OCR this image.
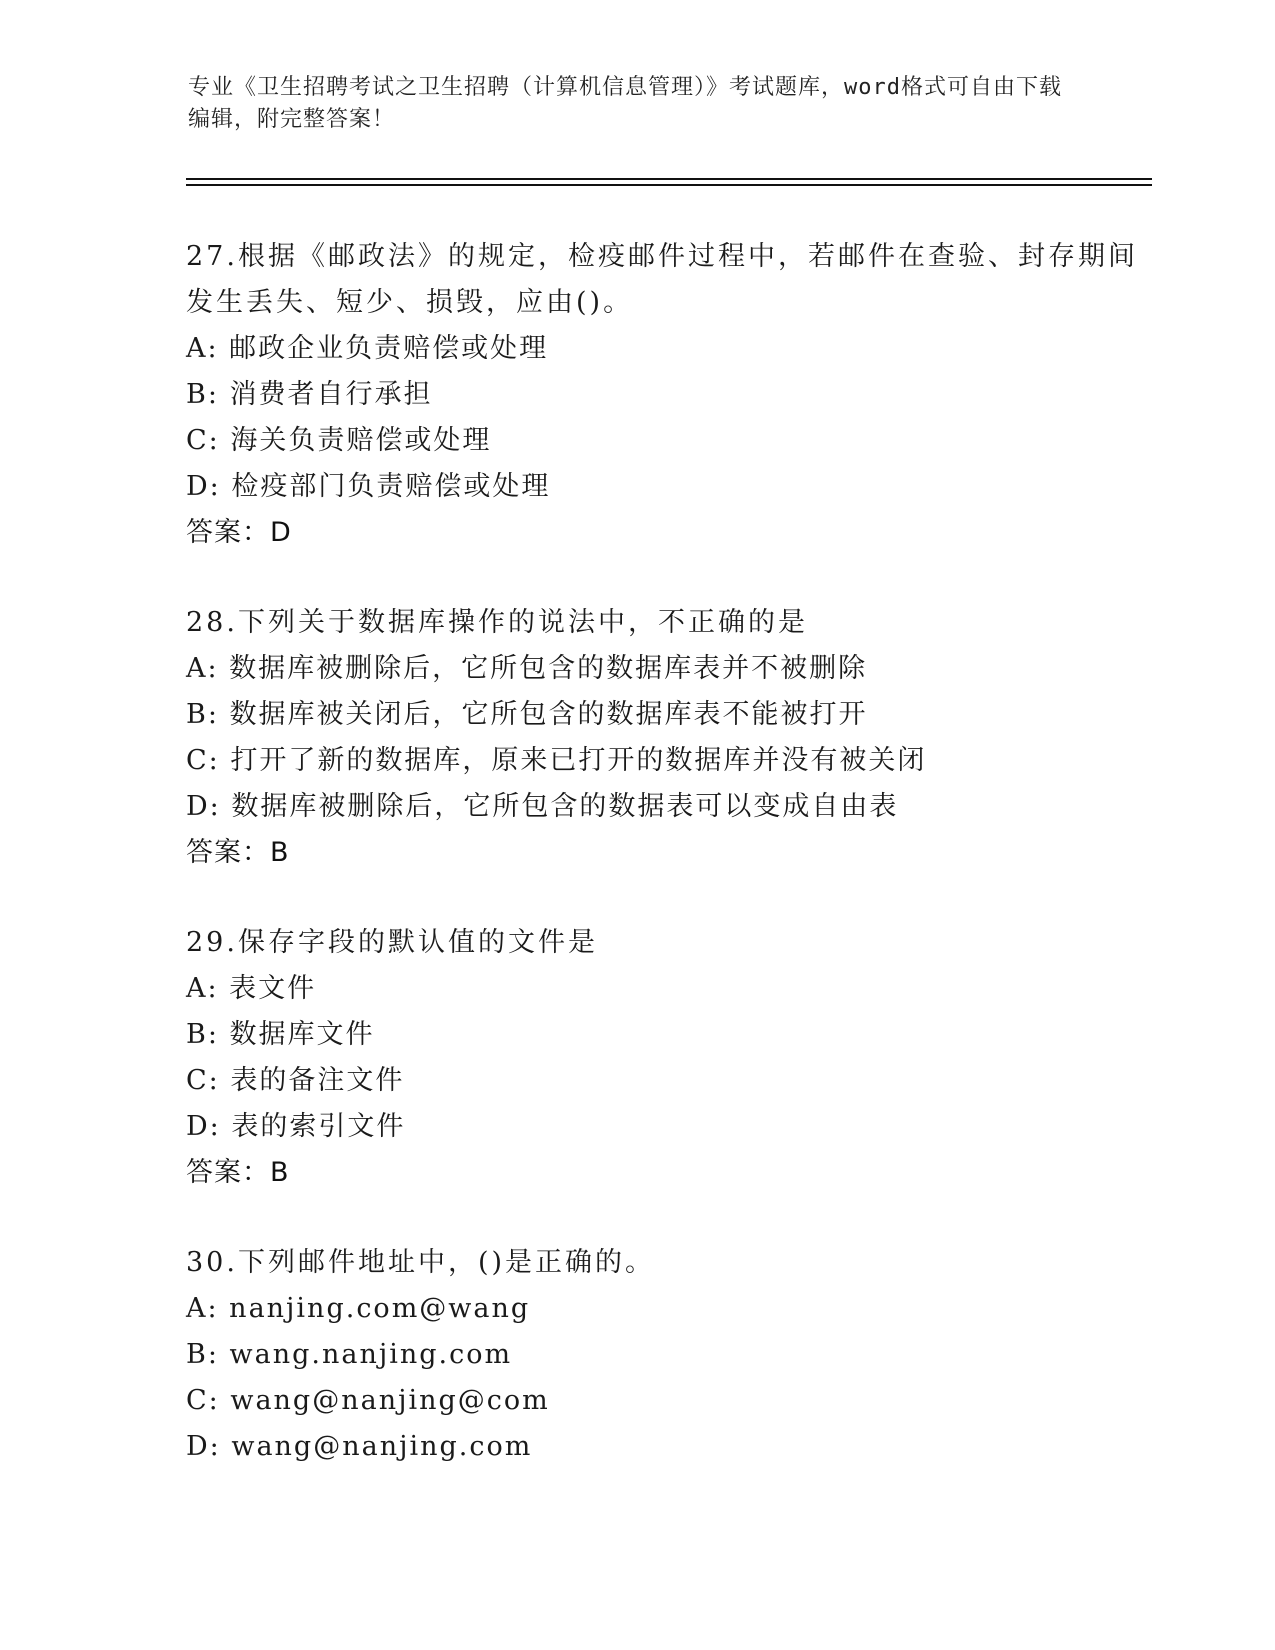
专业《卫生招聘考试之卫生招聘（计算机信息管理）》考试题库，word格式可自由下载编辑，附完整答案！

27.根据《邮政法》的规定，检疫邮件过程中，若邮件在查验、封存期间发生丢失、短少、损毁，应由()。

A: 邮政企业负责赔偿或处理

B: 消费者自行承担

C: 海关负责赔偿或处理

D: 检疫部门负责赔偿或处理

答案：D

28.下列关于数据库操作的说法中，不正确的是

A: 数据库被删除后，它所包含的数据库表并不被删除

B: 数据库被关闭后，它所包含的数据库表不能被打开

C: 打开了新的数据库，原来已打开的数据库并没有被关闭

D: 数据库被删除后，它所包含的数据表可以变成自由表

答案：B

29.保存字段的默认值的文件是

A: 表文件

B: 数据库文件

C: 表的备注文件

D: 表的索引文件

答案：B

30.下列邮件地址中，()是正确的。

A: nanjing.com@wang

B: wang.nanjing.com

C: wang@nanjing@com

D: wang@nanjing.com
